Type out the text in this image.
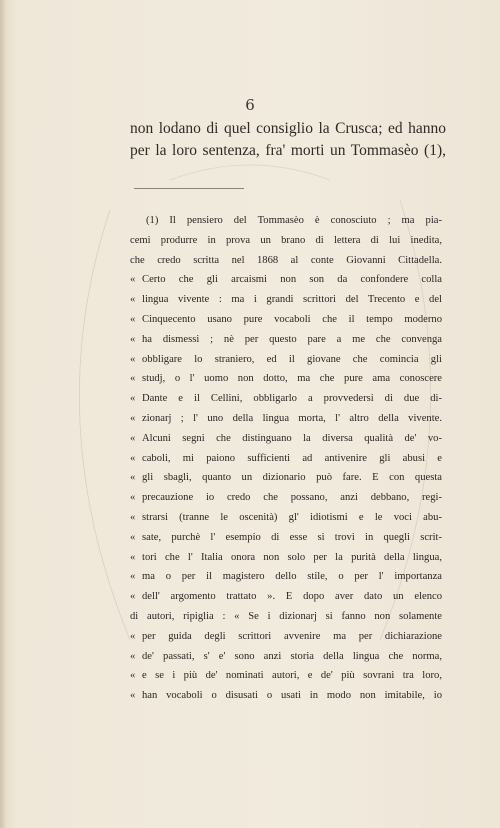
6
non lodano di quel consiglio la Crusca; ed hanno
per la loro sentenza, fra' morti un Tommasèo (1),
(1) Il pensiero del Tommasèo è conosciuto ; ma pia-
cemi produrre in prova un brano di lettera di lui inedita,
che credo scritta nel 1868 al conte Giovanni Cittadella.
« Certo che gli arcaismi non son da confondere colla
« lingua vivente : ma i grandi scrittori del Trecento e del
« Cinquecento usano pure vocaboli che il tempo moderno
« ha dismessi ; nè per questo pare a me che convenga
« obbligare lo straniero, ed il giovane che comincia gli
« studj, o l' uomo non dotto, ma che pure ama conoscere
« Dante e il Cellini, obbligarlo a provvedersi di due di-
« zionarj ; l' uno della lingua morta, l' altro della vivente.
« Alcuni segni che distinguano la diversa qualità de' vo-
« caboli, mi paiono sufficienti ad antivenire gli abusi e
« gli sbagli, quanto un dizionario può fare. E con questa
« precauzione io credo che possano, anzi debbano, regi-
« strarsi (tranne le oscenità) gl' idiotismi e le voci abu-
« sate, purchè l' esempio di esse si trovi in quegli scrit-
« tori che l' Italia onora non solo per la purità della lingua,
« ma o per il magistero dello stile, o per l' importanza
« dell' argomento trattato ». E dopo aver dato un elenco
di autori, ripiglia : « Se i dizionarj si fanno non solamente
« per guida degli scrittori avvenire ma per dichiarazione
« de' passati, s' e' sono anzi storia della lingua che norma,
« e se i più de' nominati autori, e de' più sovrani tra loro,
« han vocaboli o disusati o usati in modo non imitabile, io
